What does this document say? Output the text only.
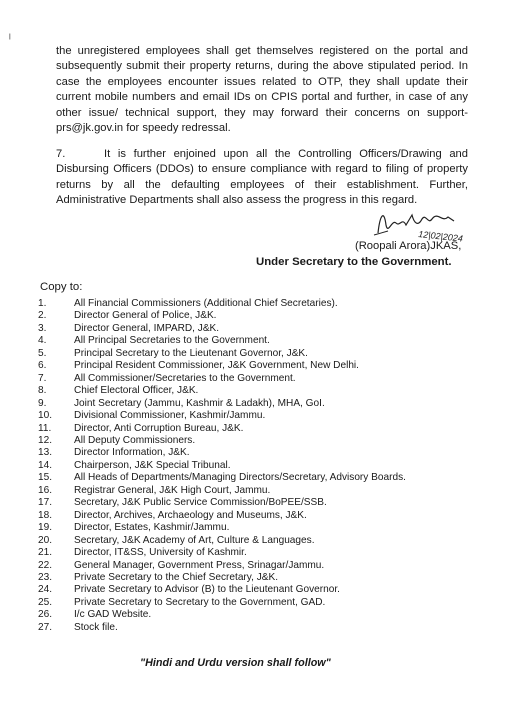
ˡ

the unregistered employees shall get themselves registered on the portal and subsequently submit their property returns, during the above stipulated period. In case the employees encounter issues related to OTP, they shall update their current mobile numbers and email IDs on CPIS portal and further, in case of any other issue/ technical support, they may forward their concerns on support-prs@jk.gov.in for speedy redressal.

7.	It is further enjoined upon all the Controlling Officers/Drawing and Disbursing Officers (DDOs) to ensure compliance with regard to filing of property returns by all the defaulting employees of their establishment. Further, Administrative Departments shall also assess the progress in this regard.

12|02|2024
(Roopali Arora)JKAS,
Under Secretary to the Government.
Copy to:
1.	All Financial Commissioners (Additional Chief Secretaries).
2.	Director General of Police, J&K.
3.	Director General, IMPARD, J&K.
4.	All Principal Secretaries to the Government.
5.	Principal Secretary to the Lieutenant Governor, J&K.
6.	Principal Resident Commissioner, J&K Government, New Delhi.
7.	All Commissioner/Secretaries to the Government.
8.	Chief Electoral Officer, J&K.
9.	Joint Secretary (Jammu, Kashmir & Ladakh), MHA, GoI.
10.	Divisional Commissioner, Kashmir/Jammu.
11.	Director, Anti Corruption Bureau, J&K.
12.	All Deputy Commissioners.
13.	Director Information, J&K.
14.	Chairperson, J&K Special Tribunal.
15.	All Heads of Departments/Managing Directors/Secretary, Advisory Boards.
16.	Registrar General, J&K High Court, Jammu.
17.	Secretary, J&K Public Service Commission/BoPEE/SSB.
18.	Director, Archives, Archaeology and Museums, J&K.
19.	Director, Estates, Kashmir/Jammu.
20.	Secretary, J&K Academy of Art, Culture & Languages.
21.	Director, IT&SS, University of Kashmir.
22.	General Manager, Government Press, Srinagar/Jammu.
23.	Private Secretary to the Chief Secretary, J&K.
24.	Private Secretary to Advisor (B) to the Lieutenant Governor.
25.	Private Secretary to Secretary to the Government, GAD.
26.	I/c GAD Website.
27.	Stock file.
"Hindi and Urdu version shall follow"
